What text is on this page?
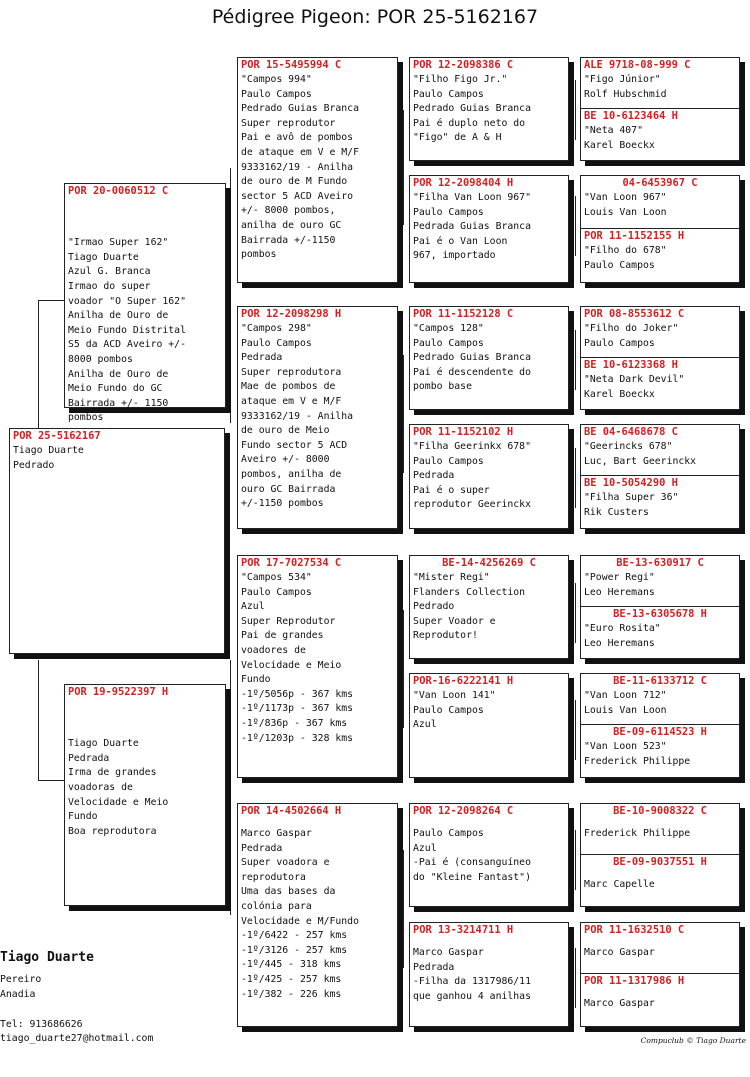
Pédigree Pigeon: POR 25-5162167
POR 25-5162167
Tiago Duarte
Pedrado
POR 20-0060512 C

"Irmao Super 162"
Tiago Duarte
Azul G. Branca
Irmao do super
voador "O Super 162"
Anilha de Ouro de
Meio Fundo Distrital
S5 da ACD Aveiro +/-
8000 pombos
Anilha de Ouro de
Meio Fundo do GC
Bairrada +/- 1150
pombos

POR 19-9522397 H

Tiago Duarte
Pedrada
Irma de grandes
voadoras de
Velocidade e Meio
Fundo
Boa reprodutora

POR 15-5495994 C
"Campos 994"
Paulo Campos
Pedrado Guias Branca
Super reprodutor
Pai e avô de pombos
de ataque em V e M/F
9333162/19 - Anilha
de ouro de M Fundo
sector 5 ACD Aveiro
+/- 8000 pombos,
anilha de ouro GC
Bairrada +/-1150
pombos
POR 12-2098298 H
"Campos 298"
Paulo Campos
Pedrada
Super reprodutora
Mae de pombos de
ataque em V e M/F
9333162/19 - Anilha
de ouro de Meio
Fundo sector 5 ACD
Aveiro +/- 8000
pombos, anilha de
ouro GC Bairrada
+/-1150 pombos
POR 17-7027534 C
"Campos 534"
Paulo Campos
Azul
Super Reprodutor
Pai de grandes
voadores de
Velocidade e Meio
Fundo
-1º/5056p - 367 kms
-1º/1173p - 367 kms
-1º/836p - 367 kms
-1º/1203p - 328 kms
POR 14-4502664 H
Marco Gaspar
Pedrada
Super voadora e
reprodutora
Uma das bases da
colónia para
Velocidade e M/Fundo
-1º/6422 - 257 kms
-1º/3126 - 257 kms
-1º/445 - 318 kms
-1º/425 - 257 kms
-1º/382 - 226 kms
POR 12-2098386 C
"Filho Figo Jr."
Paulo Campos
Pedrado Guias Branca
Pai é duplo neto do
"Figo" de A & H
POR 12-2098404 H
"Filha Van Loon 967"
Paulo Campos
Pedrada Guias Branca
Pai é o Van Loon
967, importado
POR 11-1152128 C
"Campos 128"
Paulo Campos
Pedrado Guias Branca
Pai é descendente do
pombo base
POR 11-1152102 H
"Filha Geerinkx 678"
Paulo Campos
Pedrada
Pai é o super
reprodutor Geerinckx
BE-14-4256269 C
"Mister Regi"
Flanders Collection
Pedrado
Super Voador e
Reprodutor!
POR-16-6222141 H
"Van Loon 141"
Paulo Campos
Azul
POR 12-2098264 C
Paulo Campos
Azul
-Pai é (consanguíneo
do "Kleine Fantast")
POR 13-3214711 H
Marco Gaspar
Pedrada
-Filha da 1317986/11
que ganhou 4 anilhas
ALE 9718-08-999 C
"Figo Júnior"
Rolf Hubschmid
BE 10-6123464 H
"Neta 407"
Karel Boeckx
04-6453967 C
"Van Loon 967"
Louis Van Loon
POR 11-1152155 H
"Filho do 678"
Paulo Campos
POR 08-8553612 C
"Filho do Joker"
Paulo Campos
BE 10-6123368 H
"Neta Dark Devil"
Karel Boeckx
BE 04-6468678 C
"Geerincks 678"
Luc, Bart Geerinckx
BE 10-5054290 H
"Filha Super 36"
Rik Custers
BE-13-630917 C
"Power Regi"
Leo Heremans
BE-13-6305678 H
"Euro Rosita"
Leo Heremans
BE-11-6133712 C
"Van Loon 712"
Louis Van Loon
BE-09-6114523 H
"Van Loon 523"
Frederick Philippe
BE-10-9008322 C
Frederick Philippe
BE-09-9037551 H
Marc Capelle
POR 11-1632510 C
Marco Gaspar
POR 11-1317986 H
Marco Gaspar
Tiago Duarte
Pereiro
Anadia
Tel: 913686626
tiago_duarte27@hotmail.com	Compuclub © Tiago Duarte
